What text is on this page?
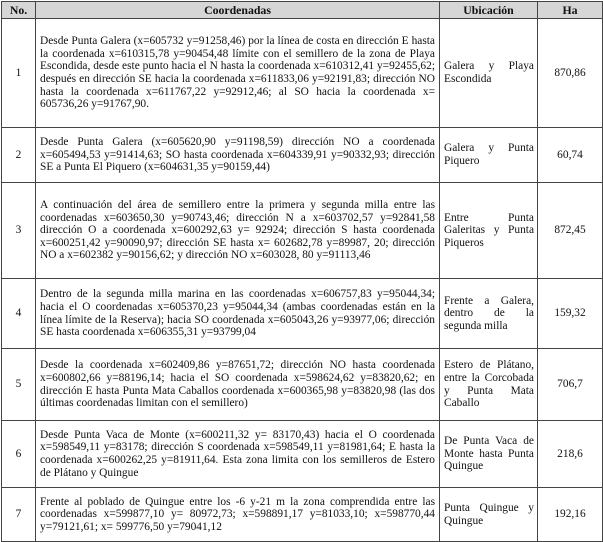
No.	Coordenadas	Ubicación	Ha
1	Desde Punta Galera (x=605732 y=91258,46) por la línea de costa en dirección E hasta la coordenada x=610315,78 y=90454,48 límite con el semillero de la zona de Playa Escondida, desde este punto hacia el N hasta la coordenada x=610312,41 y=92455,62; después en dirección SE hacia la coordenada x=611833,06 y=92191,83; dirección NO hasta la coordenada x=611767,22 y=92912,46; al SO hacia la coordenada x= 605736,26 y=91767,90.	Galera y Playa Escondida	870,86
2	Desde Punta Galera (x=605620,90 y=91198,59) dirección NO a coordenada x=605494,53 y=91414,63; SO hasta coordenada x=604339,91 y=90332,93; dirección SE a Punta El Piquero (x=604631,35 y=90159,44)	Galera y Punta Piquero	60,74
3	A continuación del área de semillero entre la primera y segunda milla entre las coordenadas x=603650,30 y=90743,46; dirección N a x=603702,57 y=92841,58 dirección O a coordenada x=600292,63 y= 92924; dirección S hasta coordenada x=600251,42 y=90090,97; dirección SE hasta x= 602682,78 y=89987, 20; dirección NO a x=602382 y=90156,62; y dirección NO x=603028, 80 y=91113,46	Entre Punta Galeritas y Punta Piqueros	872,45
4	Dentro de la segunda milla marina en las coordenadas x=606757,83 y=95044,34; hacia el O coordenadas x=605370,23 y=95044,34 (ambas coordenadas están en la línea límite de la Reserva); hacia SO coordenada x=605043,26 y=93977,06; dirección SE hasta coordenada x=606355,31 y=93799,04	Frente a Galera, dentro de la segunda milla	159,32
5	Desde la coordenada x=602409,86 y=87651,72; dirección NO hasta coordenada x=600802,66 y=88196,14; hacia el SO coordenada x=598624,62 y=83820,62; en dirección E hasta Punta Mata Caballos coordenada x=600365,98 y=83820,98 (las dos últimas coordenadas limitan con el semillero)	Estero de Plátano, entre la Corcobada y Punta Mata Caballo	706,7
6	Desde Punta Vaca de Monte (x=600211,32 y= 83170,43) hacia el O coordenada x=598549,11 y=83178; dirección S coordenada x=598549,11 y=81981,64; E hasta la coordenada x=600262,25 y=81911,64. Esta zona limita con los semilleros de Estero de Plátano y Quingue	De Punta Vaca de Monte hasta Punta Quingue	218,6
7	Frente al poblado de Quingue entre los -6 y-21 m la zona comprendida entre las coordenadas x=599877,10 y= 80972,73; x=598891,17 y=81033,10; x=598770,44 y=79121,61; x= 599776,50 y=79041,12	Punta Quingue y Quingue	192,16
